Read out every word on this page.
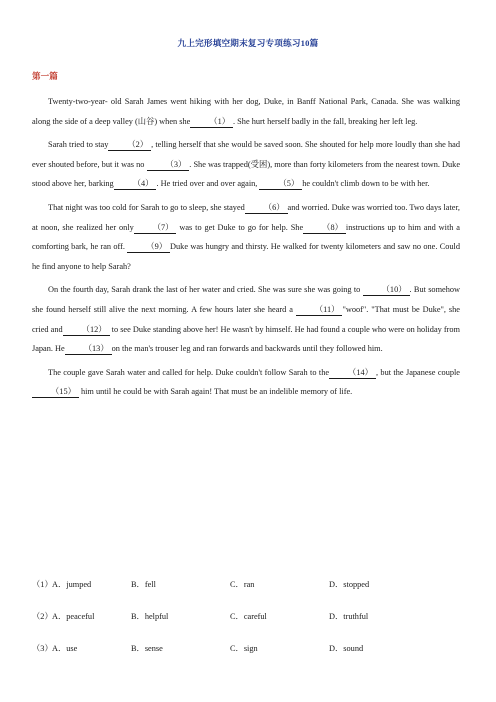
九上完形填空期末复习专项练习10篇
第一篇

Twenty-two-year- old Sarah James went hiking with her dog, Duke, in Banff National Park, Canada. She was walking along the side of a deep valley (山谷) when she （1） . She hurt herself badly in the fall, breaking her left leg.

Sarah tried to stay （2） , telling herself that she would be saved soon. She shouted for help more loudly than she had ever shouted before, but it was no （3） . She was trapped(受困), more than forty kilometers from the nearest town. Duke stood above her, barking （4） . He tried over and over again, （5） he couldn't climb down to be with her.

That night was too cold for Sarah to go to sleep, she stayed （6） and worried. Duke was worried too. Two days later, at noon, she realized her only （7） was to get Duke to go for help. She （8） instructions up to him and with a comforting bark, he ran off. （9） Duke was hungry and thirsty. He walked for twenty kilometers and saw no one. Could he find anyone to help Sarah?

On the fourth day, Sarah drank the last of her water and cried. She was sure she was going to （10） . But somehow she found herself still alive the next morning. A few hours later she heard a （11） "woof". "That must be Duke", she cried and （12） to see Duke standing above her! He wasn't by himself. He had found a couple who were on holiday from Japan. He （13） on the man's trouser leg and ran forwards and backwards until they followed him.

The couple gave Sarah water and called for help. Duke couldn't follow Sarah to the （14） , but the Japanese couple（15） him until he could be with Sarah again! That must be an indelible memory of life.

（1） A．jumped	B．fell	C．ran	D．stopped
（2） A．peaceful	B．helpful	C．careful	D．truthful
（3） A．use	B．sense	C．sign	D．sound
